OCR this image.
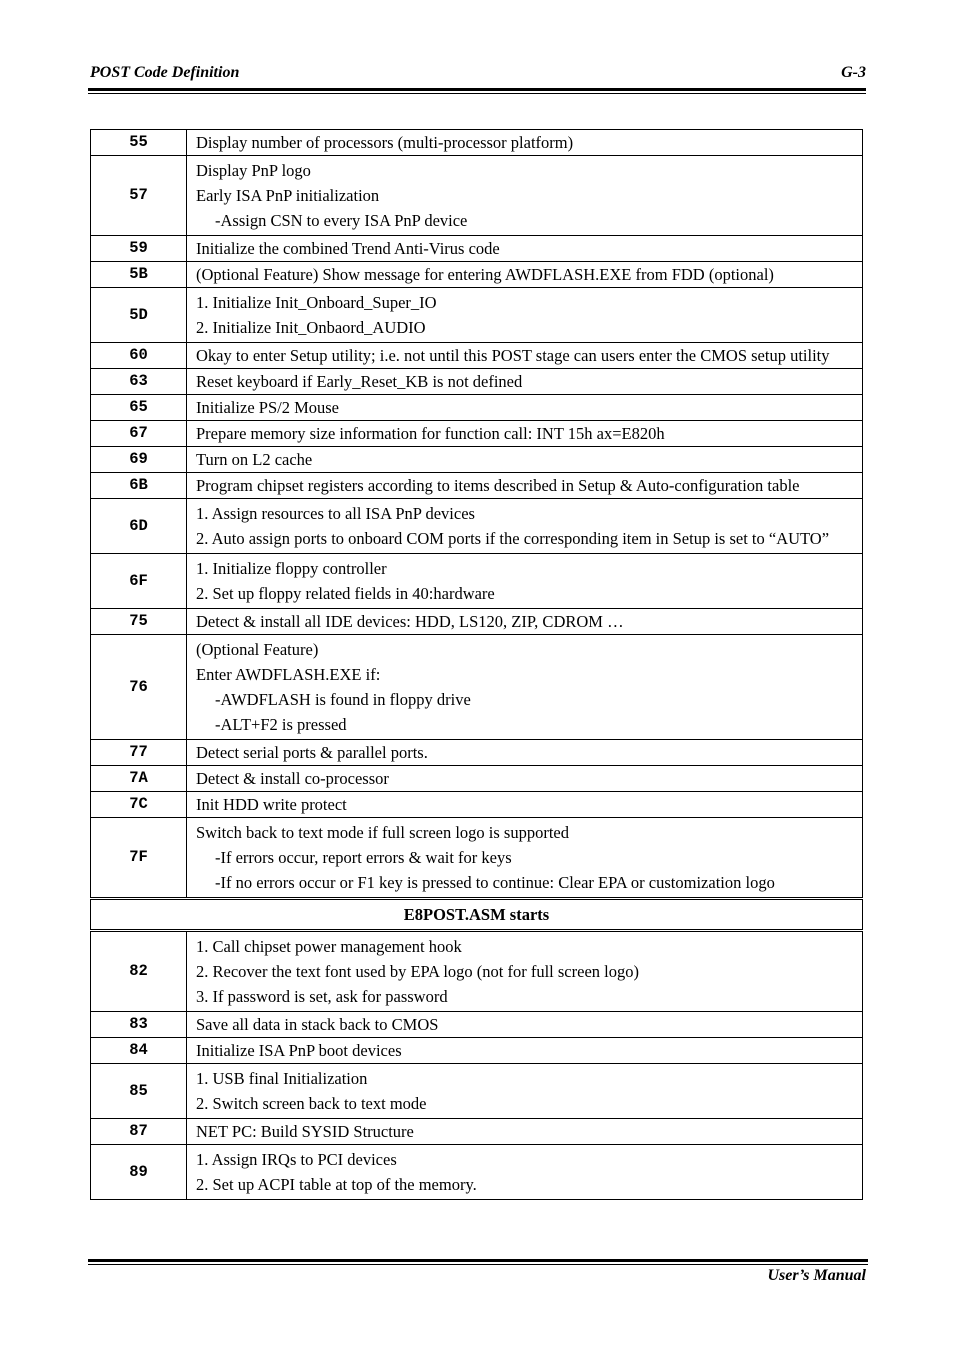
POST Code Definition	G-3
55	Display number of processors (multi-processor platform)

57	Display PnP logo
Early ISA PnP initialization
-Assign CSN to every ISA PnP device

59	Initialize the combined Trend Anti-Virus code

5B	(Optional Feature) Show message for entering AWDFLASH.EXE from FDD (optional)

5D	1. Initialize Init_Onboard_Super_IO
2. Initialize Init_Onbaord_AUDIO

60	Okay to enter Setup utility; i.e. not until this POST stage can users enter the CMOS setup utility

63	Reset keyboard if Early_Reset_KB is not defined

65	Initialize PS/2 Mouse

67	Prepare memory size information for function call: INT 15h ax=E820h

69	Turn on L2 cache

6B	Program chipset registers according to items described in Setup & Auto-configuration table

6D	1. Assign resources to all ISA PnP devices
2. Auto assign ports to onboard COM ports if the corresponding item in Setup is set to “AUTO”

6F	1. Initialize floppy controller
2. Set up floppy related fields in 40:hardware

75	Detect & install all IDE devices: HDD, LS120, ZIP, CDROM …

76	(Optional Feature)
Enter AWDFLASH.EXE if:
-AWDFLASH is found in floppy drive
-ALT+F2 is pressed

77	Detect serial ports & parallel ports.

7A	Detect & install co-processor

7C	Init HDD write protect

7F	Switch back to text mode if full screen logo is supported
-If errors occur, report errors & wait for keys
-If no errors occur or F1 key is pressed to continue: Clear EPA or customization logo

E8POST.ASM starts	
82	1. Call chipset power management hook
2. Recover the text font used by EPA logo (not for full screen logo)
3. If password is set, ask for password

83	Save all data in stack back to CMOS

84	Initialize ISA PnP boot devices

85	1. USB final Initialization
2. Switch screen back to text mode

87	NET PC: Build SYSID Structure

89	1. Assign IRQs to PCI devices
2. Set up ACPI table at top of the memory.
User’s Manual
